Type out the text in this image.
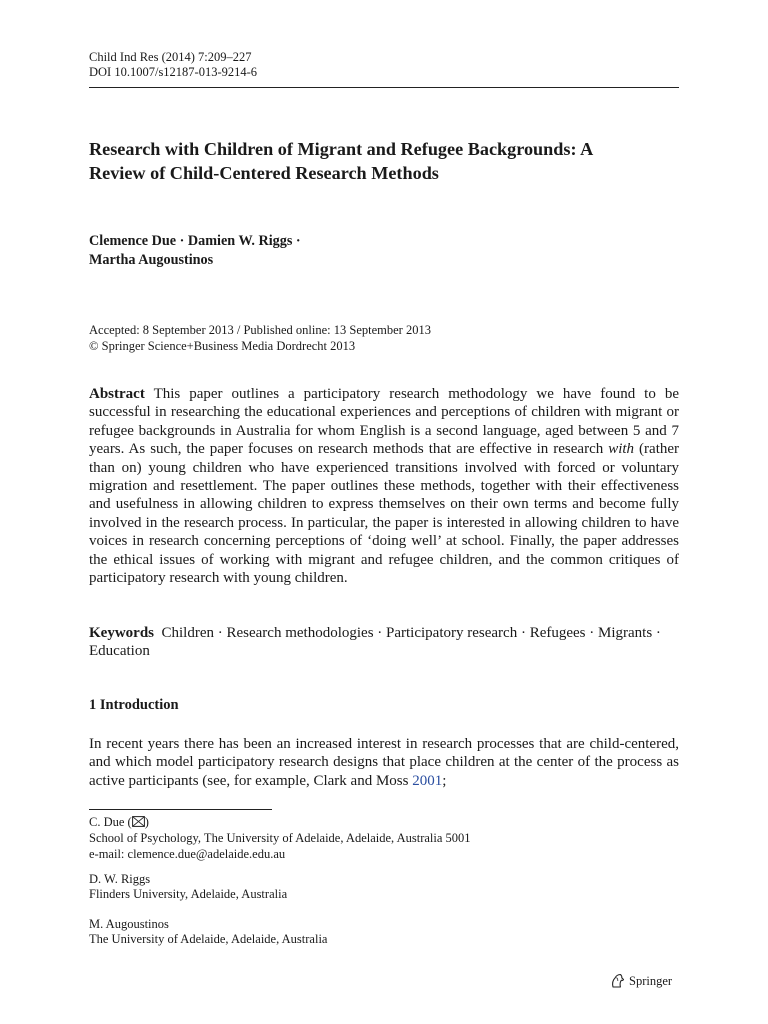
Child Ind Res (2014) 7:209–227
DOI 10.1007/s12187-013-9214-6
Research with Children of Migrant and Refugee Backgrounds: A Review of Child-Centered Research Methods
Clemence Due · Damien W. Riggs ·
Martha Augoustinos
Accepted: 8 September 2013 / Published online: 13 September 2013
© Springer Science+Business Media Dordrecht 2013
Abstract This paper outlines a participatory research methodology we have found to be successful in researching the educational experiences and perceptions of children with migrant or refugee backgrounds in Australia for whom English is a second language, aged between 5 and 7 years. As such, the paper focuses on research methods that are effective in research with (rather than on) young children who have experienced transitions involved with forced or voluntary migration and resettlement. The paper outlines these methods, together with their effectiveness and usefulness in allowing children to express themselves on their own terms and become fully involved in the research process. In particular, the paper is interested in allowing children to have voices in research concerning perceptions of ‘doing well’ at school. Finally, the paper addresses the ethical issues of working with migrant and refugee children, and the common critiques of participatory research with young children.
Keywords Children · Research methodologies · Participatory research · Refugees · Migrants · Education
1 Introduction
In recent years there has been an increased interest in research processes that are child-centered, and which model participatory research designs that place children at the center of the process as active participants (see, for example, Clark and Moss 2001;
C. Due ( )
School of Psychology, The University of Adelaide, Adelaide, Australia 5001
e-mail: clemence.due@adelaide.edu.au
D. W. Riggs
Flinders University, Adelaide, Australia
M. Augoustinos
The University of Adelaide, Adelaide, Australia
Springer
